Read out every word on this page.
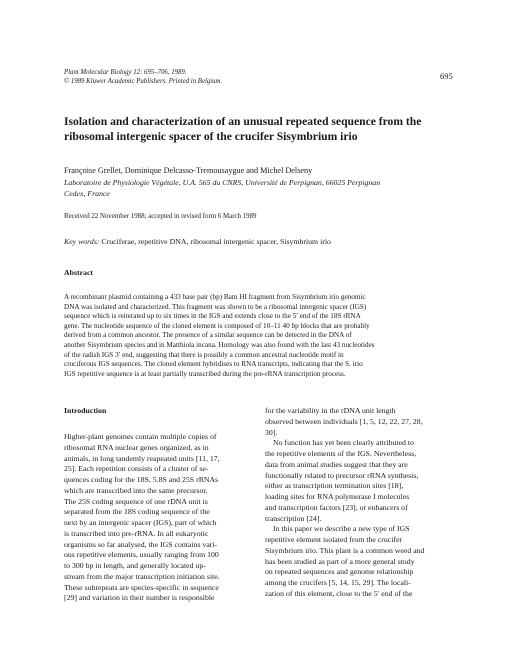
Plant Molecular Biology 12: 695–706, 1989.
© 1989 Kluwer Academic Publishers. Printed in Belgium.
695
Isolation and characterization of an unusual repeated sequence from the
ribosomal intergenic spacer of the crucifer Sisymbrium irio
Françoise Grellet, Dominique Delcasso-Tremousaygue and Michel Delseny
Laboratoire de Physiologie Végétale, U.A. 565 du CNRS, Université de Perpignan, 66025 Perpignan
Cedex, France
Received 22 November 1988; accepted in revised form 6 March 1989
Key words: Cruciferae, repetitive DNA, ribosomal intergenic spacer, Sisymbrium irio
Abstract
A recombinant plasmid containing a 433 base pair (bp) Bam HI fragment from Sisymbrium irio genomic
DNA was isolated and characterized. This fragment was shown to be a ribosomal intergenic spacer (IGS)
sequence which is reiterated up to six times in the IGS and extends close to the 5′ end of the 18S rRNA
gene. The nucleotide sequence of the cloned element is composed of 10–11 40 bp blocks that are probably
derived from a common ancestor. The presence of a similar sequence can be detected in the DNA of
another Sisymbrium species and in Matthiola incana. Homology was also found with the last 43 nucleotides
of the radish IGS 3′ end, suggesting that there is possibly a common ancestral nucleotide motif in
cruciferous IGS sequences. The cloned element hybridises to RNA transcripts, indicating that the S. irio
IGS repetitive sequence is at least partially transcribed during the pre-rRNA transcription process.
Introduction
Higher-plant genomes contain multiple copies of
ribosomal RNA nuclear genes organized, as in
animals, in long tandemly reapeated units [11, 17,
25]. Each repetition consists of a cluster of se-
quences coding for the 18S, 5.8S and 25S rRNAs
which are transcribed into the same precursor.
The 25S coding sequence of one rDNA unit is
separated from the 18S coding sequence of the
next by an intergenic spacer (IGS), part of which
is transcribed into pre-rRNA. In all eukaryotic
organisms so far analysed, the IGS contains vari-
ous repetitive elements, usually ranging from 100
to 300 bp in length, and generally located up-
stream from the major transcription initiation site.
These subrepeats are species-specific in sequence
[29] and variation in their number is responsible
for the variability in the rDNA unit length
observed between individuals [1, 5, 12, 22, 27, 28,
30].
No function has yet been clearly attributed to
the repetitive elements of the IGS. Nevertheless,
data from animal studies suggest that they are
functionally related to precursor rRNA synthesis,
either as transcription termination sites [18],
loading sites for RNA polymerase I molecules
and transcription factors [23], or enhancers of
transcription [24].
In this paper we describe a new type of IGS
repetitive element isolated from the crucifer
Sisymbrium irio. This plant is a common weed and
has been studied as part of a more general study
on repeated sequences and genome relationship
among the crucifers [5, 14, 15, 29]. The locali-
zation of this element, close to the 5′ end of the
